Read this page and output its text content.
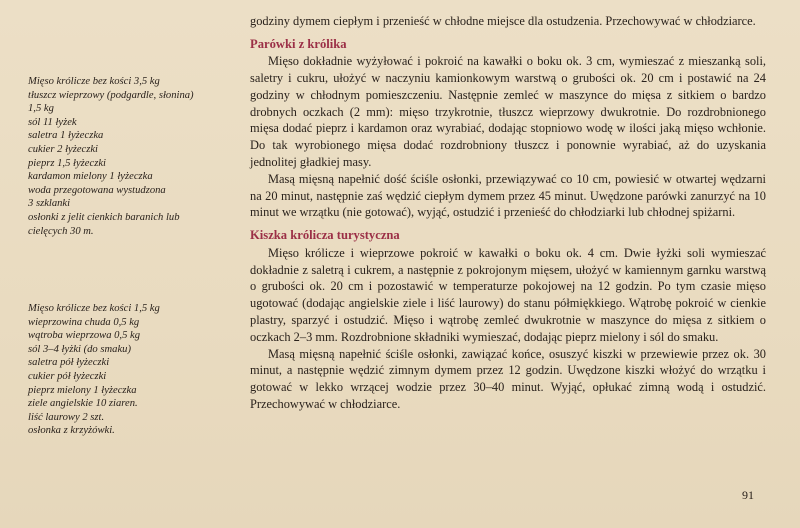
Mięso królicze bez kości 3,5 kg
tłuszcz wieprzowy (podgardle, słonina)
1,5 kg
sól 11 łyżek
saletra 1 łyżeczka
cukier 2 łyżeczki
pieprz 1,5 łyżeczki
kardamon mielony 1 łyżeczka
woda przegotowana wystudzona
3 szklanki
osłonki z jelit cienkich baranich lub
cielęcych 30 m.
Mięso królicze bez kości 1,5 kg
wieprzowina chuda 0,5 kg
wątroba wieprzowa 0,5 kg
sól 3–4 łyżki (do smaku)
saletra pół łyżeczki
cukier pół łyżeczki
pieprz mielony 1 łyżeczka
ziele angielskie 10 ziaren.
liść laurowy 2 szt.
osłonka z krzyżówki.

godziny dymem ciepłym i przenieść w chłodne miejsce dla ostudzenia. Przechowywać w chłodziarce.

Parówki z królika

Mięso dokładnie wyżyłować i pokroić na kawałki o boku ok. 3 cm, wymieszać z mieszanką soli, saletry i cukru, ułożyć w naczyniu kamionkowym warstwą o grubości ok. 20 cm i postawić na 24 godziny w chłodnym pomieszczeniu. Następnie zemleć w maszynce do mięsa z sitkiem o bardzo drobnych oczkach (2 mm): mięso trzykrotnie, tłuszcz wieprzowy dwukrotnie. Do rozdrobnionego mięsa dodać pieprz i kardamon oraz wyrabiać, dodając stopniowo wodę w ilości jaką mięso wchłonie. Do tak wyrobionego mięsa dodać rozdrobniony tłuszcz i ponownie wyrabiać, aż do uzyskania jednolitej gładkiej masy.

Masą mięsną napełnić dość ściśle osłonki, przewiązywać co 10 cm, powiesić w otwartej wędzarni na 20 minut, następnie zaś wędzić ciepłym dymem przez 45 minut. Uwędzone parówki zanurzyć na 10 minut we wrzątku (nie gotować), wyjąć, ostudzić i przenieść do chłodziarki lub chłodnej spiżarni.

Kiszka królicza turystyczna

Mięso królicze i wieprzowe pokroić w kawałki o boku ok. 4 cm. Dwie łyżki soli wymieszać dokładnie z saletrą i cukrem, a następnie z pokrojonym mięsem, ułożyć w kamiennym garnku warstwą o grubości ok. 20 cm i pozostawić w temperaturze pokojowej na 12 godzin. Po tym czasie mięso ugotować (dodając angielskie ziele i liść laurowy) do stanu półmiękkiego. Wątrobę pokroić w cienkie plastry, sparzyć i ostudzić. Mięso i wątrobę zemleć dwukrotnie w maszynce do mięsa z sitkiem o oczkach 2–3 mm. Rozdrobnione składniki wymieszać, dodając pieprz mielony i sól do smaku.

Masą mięsną napełnić ściśle osłonki, zawiązać końce, osuszyć kiszki w przewiewie przez ok. 30 minut, a następnie wędzić zimnym dymem przez 12 godzin. Uwędzone kiszki włożyć do wrzątku i gotować w lekko wrzącej wodzie przez 30–40 minut. Wyjąć, opłukać zimną wodą i ostudzić. Przechowywać w chłodziarce.

91
